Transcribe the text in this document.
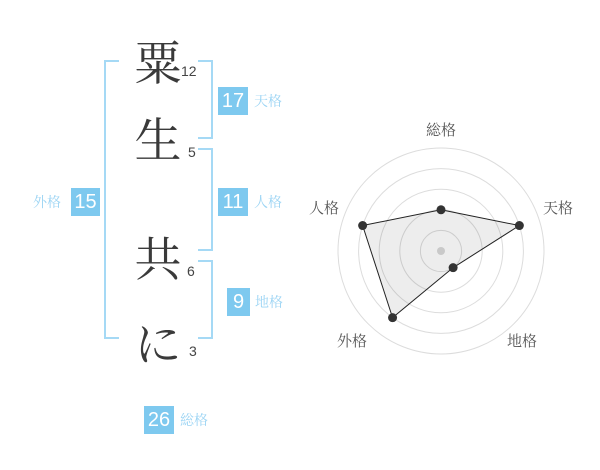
粟 12
生 5
共 6
に 3
17 天格
11 人格
9 地格
外格 15
26 総格
総格
天格
地格
外格
人格
